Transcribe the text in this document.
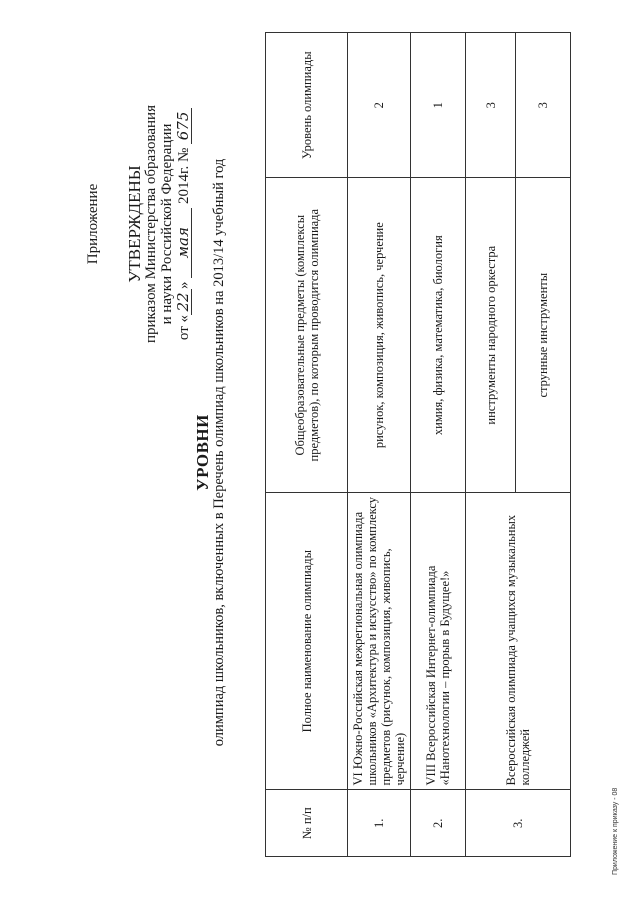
Приложение УТВЕРЖДЕНЫ приказом Министерства образования и науки Российской Федерации
от «22» мая 2014г. № 675
УРОВНИ олимпиад школьников, включенных в Перечень олимпиад школьников на 2013/14 учебный год
№ п/п	Полное наименование олимпиады	Общеобразовательные предметы (комплексы предметов), по которым проводится олимпиада	Уровень олимпиады
1.	VI Южно-Российская межрегиональная олимпиада школьников «Архитектура и искусство» по комплексу предметов (рисунок, композиция, живопись, черчение)	рисунок, композиция, живопись, черчение	2
2.	VIII Всероссийская Интернет-олимпиада «Нанотехнологии – прорыв в Будущее!»	химия, физика, математика, биология	1
3.	Всероссийская олимпиада учащихся музыкальных колледжей	инструменты народного оркестра	3
		струнные инструменты	3
Приложение к приказу - 08
